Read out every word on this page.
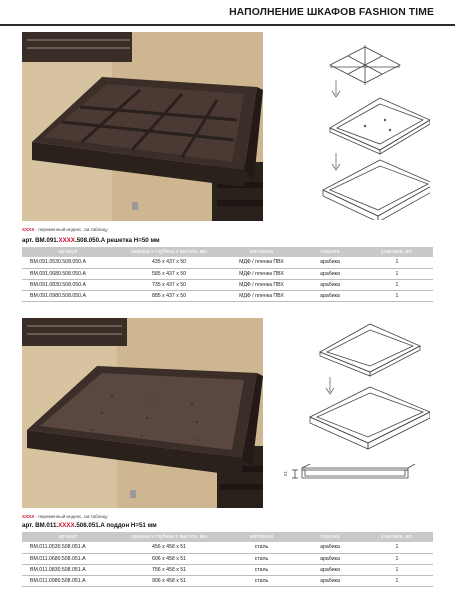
НАПОЛНЕНИЕ ШКАФОВ FASHION TIME
XXXX - переменный индекс, см.таблицу
арт. BM.091.XXXX.508.050.A решетка H=50 мм
артикул	ширина х глубина х высота, мм	материал	отделка	упаковка, шт.
BM.091.0530.508.050.A	435 x 437 x 50	МДФ / пленка ПВХ	арабика	1
BM.091.0680.508.050.A	585 x 437 x 50	МДФ / пленка ПВХ	арабика	1
BM.091.0830.508.050.A	735 x 437 x 50	МДФ / пленка ПВХ	арабика	1
BM.091.0980.508.050.A	885 x 437 x 50	МДФ / пленка ПВХ	арабика	1
51
XXXX - переменный индекс, см.таблицу
арт. BM.011.XXXX.508.051.A поддон H=51 мм
артикул	ширина х глубина х высота, мм	материал	отделка	упаковка, шт.
BM.011.0530.508.051.A	456 x 458 x 51	сталь	арабика	1
BM.011.0680.508.051.A	606 x 458 x 51	сталь	арабика	1
BM.011.0830.508.051.A	756 x 458 x 51	сталь	арабика	1
BM.011.0980.508.051.A	906 x 458 x 51	сталь	арабика	1
